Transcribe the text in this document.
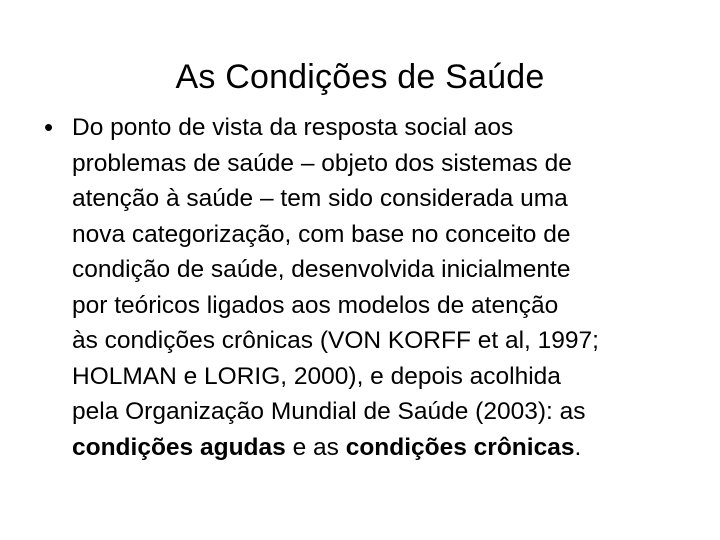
As Condições de Saúde
• Do ponto de vista da resposta social aos
problemas de saúde – objeto dos sistemas de
atenção à saúde – tem sido considerada uma
nova categorização, com base no conceito de
condição de saúde, desenvolvida inicialmente
por teóricos ligados aos modelos de atenção
às condições crônicas (VON KORFF et al, 1997;
HOLMAN e LORIG, 2000), e depois acolhida
pela Organização Mundial de Saúde (2003): as
condições agudas e as condições crônicas.
